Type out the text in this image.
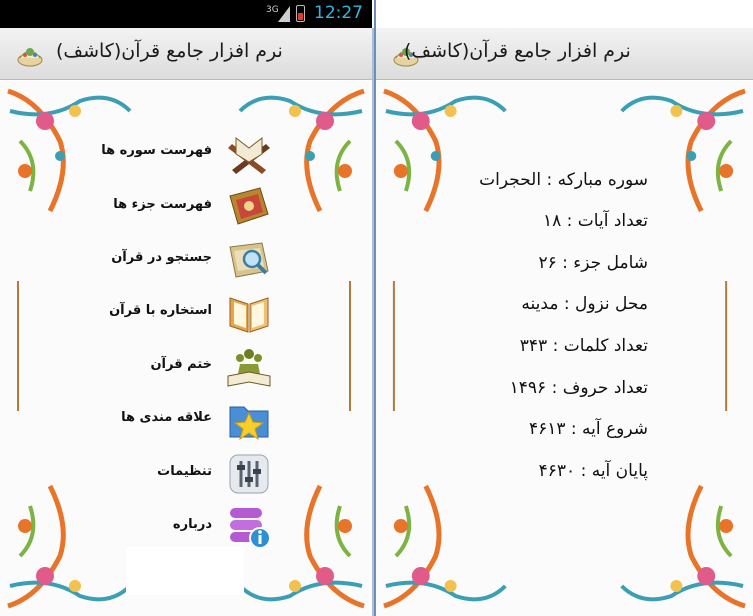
نرم افزار جامع قرآن(کاشف)
فهرست سوره ها
فهرست جزء ها
جستجو در قرآن
استخاره با قرآن
ختم قرآن
علاقه مندی ها
تنظیمات
درباره
3G 12:27
نرم افزار جامع قرآن(کاشف)
سوره مبارکه : الحجرات
تعداد آیات : ۱۸
شامل جزء : ۲۶
محل نزول : مدینه
تعداد کلمات : ۳۴۳
تعداد حروف : ۱۴۹۶
شروع آیه : ۴۶۱۳
پایان آیه : ۴۶۳۰
